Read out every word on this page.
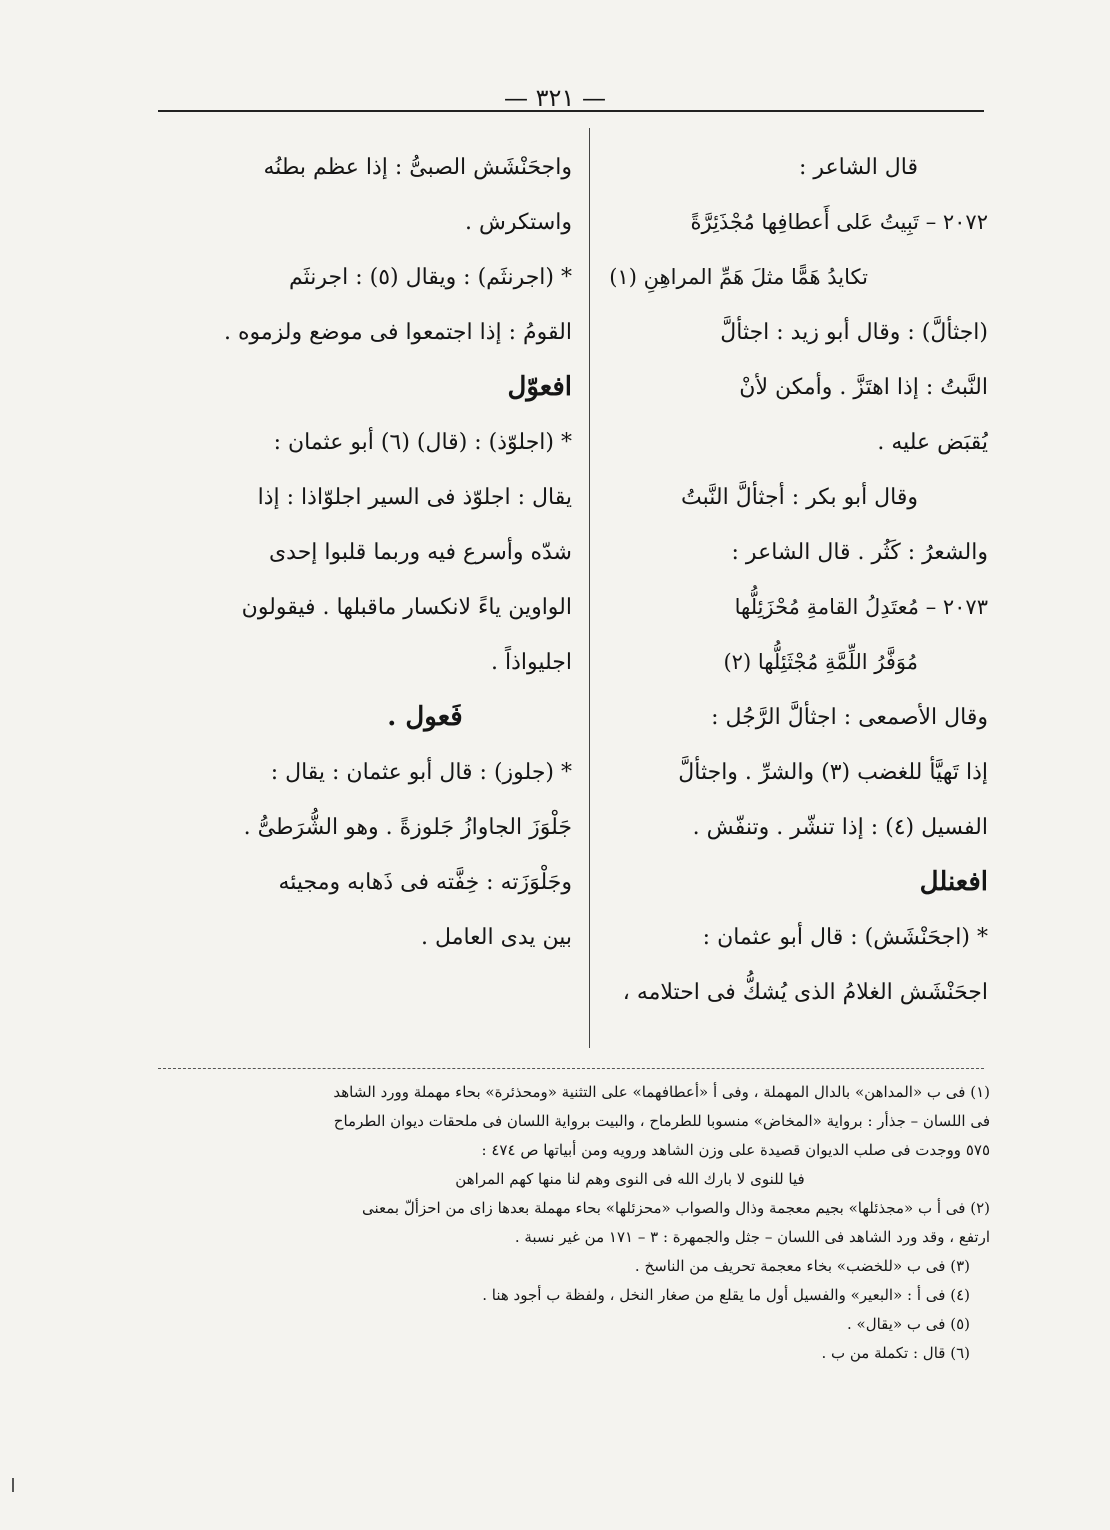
— ٣٢١ —
قال الشاعر :
٢٠٧٢ – تَبِيتُ عَلى أَعطافِها مُجْذَئِرَّةً
تكايدُ هَمًّا مثلَ هَمِّ المراهِنِ (١)
(اجثألَّ) : وقال أبو زيد : اجثألَّ
النَّبتُ : إذا اهتَزَّ . وأمكن لأنْ
يُقبَض عليه .
وقال أبو بكر : أجثألَّ النَّبتُ
والشعرُ : كَثُر . قال الشاعر :
٢٠٧٣ – مُعتَدِلُ القامةِ مُحْزَئِلُّها
مُوَفَّرُ اللِّمَّةِ مُجْثَئِلُّها (٢)
وقال الأصمعى : اجثألَّ الرَّجُل :
إذا تَهيَّأ للغضب (٣) والشرِّ . واجثألَّ
الفسيل (٤) : إذا تنشّر . وتنفّش .
افعنلل
* (اجحَنْشَش) : قال أبو عثمان :
اجحَنْشَش الغلامُ الذى يُشكُّ فى احتلامه ،
واجحَنْشَش الصبىُّ : إذا عظم بطنُه
واستكرش .
* (اجرنثَم) : ويقال (٥) : اجرنثَم
القومُ : إذا اجتمعوا فى موضع ولزموه .
افعوّل
* (اجلوّذ) : (قال) (٦) أبو عثمان :
يقال : اجلوّذ فى السير اجلوّاذا : إذا
شدّه وأسرع فيه وربما قلبوا إحدى
الواوين ياءً لانكسار ماقبلها . فيقولون
اجليواذاً .
فَعول .
* (جلوز) : قال أبو عثمان : يقال :
جَلْوَزَ الجاوازُ جَلوزةً . وهو الشُّرَطىُّ .
وجَلْوَزَته : خِفَّته فى ذَهابه ومجيئه
بين يدى العامل .
(١) فى ب «المداهن» بالدال المهملة ، وفى أ «أعطافهما» على التثنية «ومحذئرة» بحاء مهملة وورد الشاهد
فى اللسان – جذأر : برواية «المخاض» منسوبا للطرماح ، والبيت برواية اللسان فى ملحقات ديوان الطرماح
٥٧٥ ووجدت فى صلب الديوان قصيدة على وزن الشاهد ورويه ومن أبياتها ص ٤٧٤ :
فيا للنوى لا بارك الله فى النوى وهم لنا منها كهم المراهن
(٢) فى أ ب «مجذئلها» بجيم معجمة وذال والصواب «محزئلها» بحاء مهملة بعدها زاى من احزألّ بمعنى
ارتفع ، وقد ورد الشاهد فى اللسان – جثل والجمهرة : ٣ – ١٧١ من غير نسبة .
(٣) فى ب «للخضب» بخاء معجمة تحريف من الناسخ .
(٤) فى أ : «البعير» والفسيل أول ما يقلع من صغار النخل ، ولفظة ب أجود هنا .
(٥) فى ب «يقال» .
(٦) قال : تكملة من ب .
